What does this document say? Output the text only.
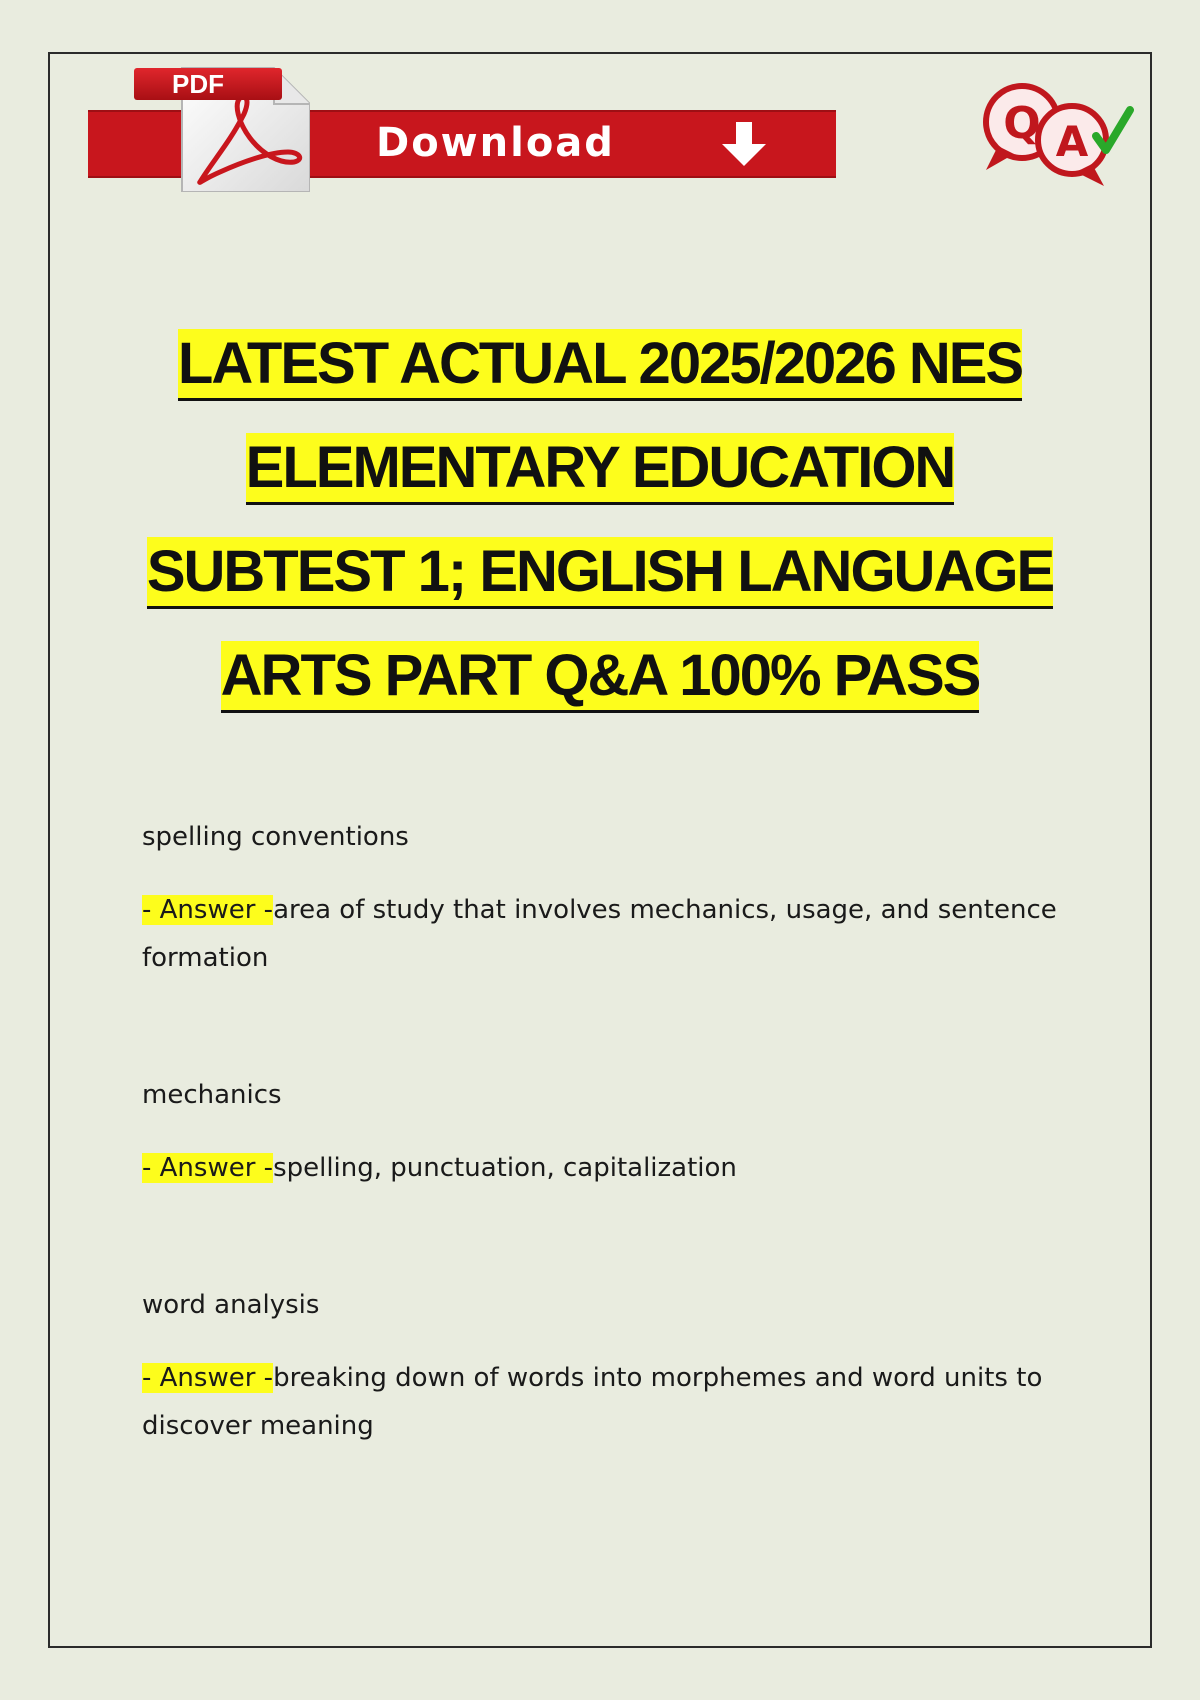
PDF
Download	Q A
LATEST ACTUAL 2025/2026 NES
ELEMENTARY EDUCATION
SUBTEST 1; ENGLISH LANGUAGE
ARTS PART Q&A 100% PASS

spelling conventions

- Answer -area of study that involves mechanics, usage, and sentence formation

mechanics

- Answer -spelling, punctuation, capitalization

word analysis

- Answer -breaking down of words into morphemes and word units to discover meaning
